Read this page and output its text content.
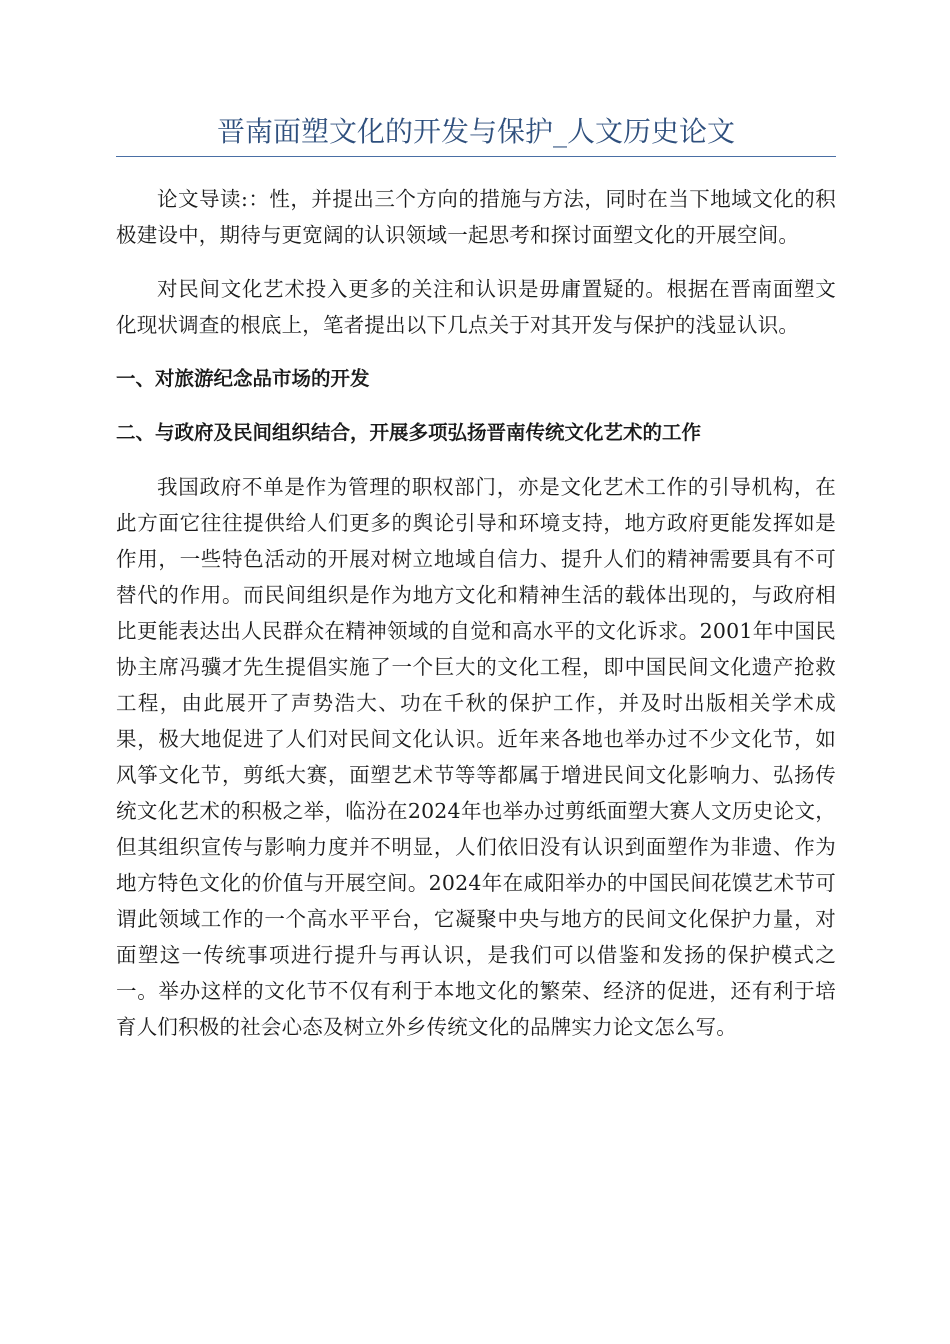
晋南面塑文化的开发与保护_人文历史论文

论文导读:：性，并提出三个方向的措施与方法，同时在当下地域文化的积极建设中，期待与更宽阔的认识领域一起思考和探讨面塑文化的开展空间。

对民间文化艺术投入更多的关注和认识是毋庸置疑的。根据在晋南面塑文化现状调查的根底上，笔者提出以下几点关于对其开发与保护的浅显认识。

一、对旅游纪念品市场的开发
二、与政府及民间组织结合，开展多项弘扬晋南传统文化艺术的工作

我国政府不单是作为管理的职权部门，亦是文化艺术工作的引导机构，在此方面它往往提供给人们更多的舆论引导和环境支持，地方政府更能发挥如是作用，一些特色活动的开展对树立地域自信力、提升人们的精神需要具有不可替代的作用。而民间组织是作为地方文化和精神生活的载体出现的，与政府相比更能表达出人民群众在精神领域的自觉和高水平的文化诉求。2001年中国民协主席冯骥才先生提倡实施了一个巨大的文化工程，即中国民间文化遗产抢救工程，由此展开了声势浩大、功在千秋的保护工作，并及时出版相关学术成果，极大地促进了人们对民间文化认识。近年来各地也举办过不少文化节，如风筝文化节，剪纸大赛，面塑艺术节等等都属于增进民间文化影响力、弘扬传统文化艺术的积极之举，临汾在2024年也举办过剪纸面塑大赛人文历史论文，但其组织宣传与影响力度并不明显，人们依旧没有认识到面塑作为非遗、作为地方特色文化的价值与开展空间。2024年在咸阳举办的中国民间花馍艺术节可谓此领域工作的一个高水平平台，它凝聚中央与地方的民间文化保护力量，对面塑这一传统事项进行提升与再认识，是我们可以借鉴和发扬的保护模式之一。举办这样的文化节不仅有利于本地文化的繁荣、经济的促进，还有利于培育人们积极的社会心态及树立外乡传统文化的品牌实力论文怎么写。
